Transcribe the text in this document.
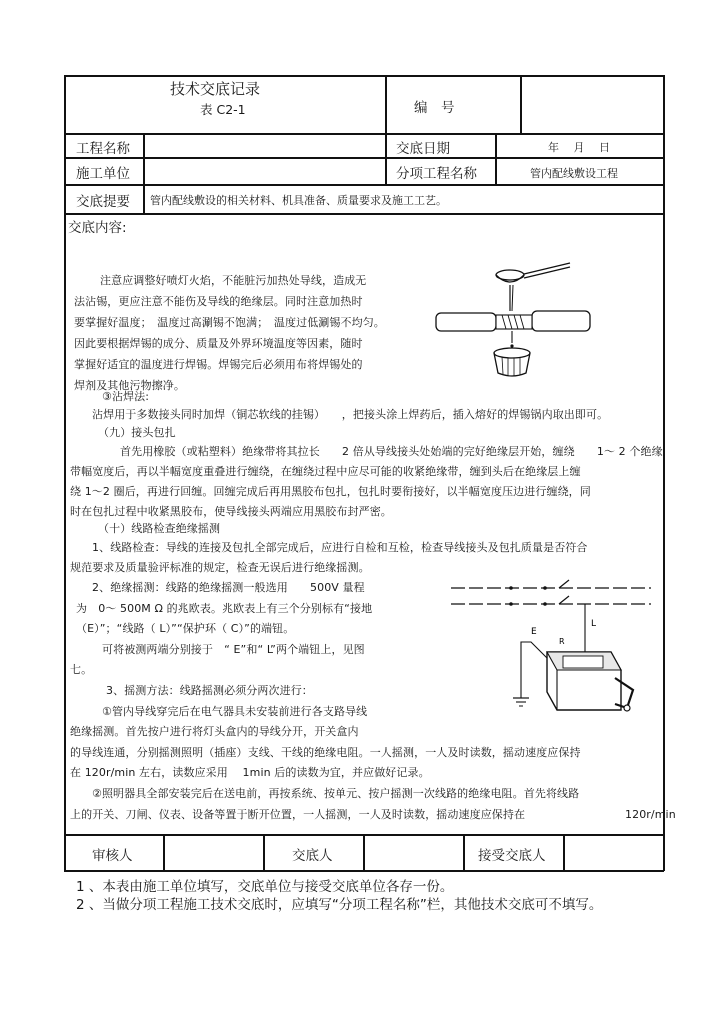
技术交底记录
表 C2-1	编　号
工程名称	交底日期	年　 月　 日
施工单位	分项工程名称	管内配线敷设工程
交底提要 管内配线敷设的相关材料、机具准备、质量要求及施工工艺。
交底内容:
注意应调整好喷灯火焰，不能脏污加热处导线，造成无
法沾锡，更应注意不能伤及导线的绝缘层。同时注意加热时
要掌握好温度；　温度过高涮锡不饱满；　温度过低涮锡不均匀。
因此要根据焊锡的成分、质量及外界环境温度等因素，随时
掌握好适宜的温度进行焊锡。焊锡完后必须用布将焊锡处的
焊剂及其他污物擦净。
③沾焊法:
沾焊用于多数接头同时加焊（铜芯软线的挂锡）　　，把接头涂上焊药后，插入熔好的焊锡锅内取出即可。
（九）接头包扎
首先用橡胶（或粘塑料）绝缘带将其拉长　　2 倍从导线接头处始端的完好绝缘层开始，缠绕　　1～ 2 个绝缘
带幅宽度后，再以半幅宽度重叠进行缠绕，在缠绕过程中应尽可能的收紧绝缘带，缠到头后在绝缘层上缠
绕 1～2 圈后，再进行回缠。回缠完成后再用黑胶布包扎，包扎时要衔接好，以半幅宽度压边进行缠绕，同
时在包扎过程中收紧黑胶布，使导线接头两端应用黑胶布封严密。
（十）线路检查绝缘摇测
1、线路检查：导线的连接及包扎全部完成后，应进行自检和互检，检查导线接头及包扎质量是否符合
规范要求及质量验评标准的规定，检查无误后进行绝缘摇测。
2、绝缘摇测：线路的绝缘摇测一般选用　　500V 量程
为　0～ 500M Ω 的兆欧表。兆欧表上有三个分别标有“接地
（E）”；“线路（ L）”“保护环（ C）”的端钮。
可将被测两端分别接于　“ E”和“ L”两个端钮上，见图
七。
3、摇测方法：线路摇测必须分两次进行：
①管内导线穿完后在电气器具未安装前进行各支路导线
绝缘摇测。首先按户进行将灯头盒内的导线分开，开关盒内
的导线连通，分别摇测照明（插座）支线、干线的绝缘电阻。一人摇测，一人及时读数，摇动速度应保持
在 120r/min 左右，读数应采用　 1min 后的读数为宜，并应做好记录。
②照明器具全部安装完后在送电前，再按系统、按单元、按户摇测一次线路的绝缘电阻。首先将线路
上的开关、刀闸、仪表、设备等置于断开位置，一人摇测，一人及时读数，摇动速度应保持在　　　　　　　　　120r/min
L
E
R
审核人	交底人	接受交底人
1 、本表由施工单位填写，交底单位与接受交底单位各存一份。
2 、当做分项工程施工技术交底时，应填写“分项工程名称”栏，其他技术交底可不填写。
